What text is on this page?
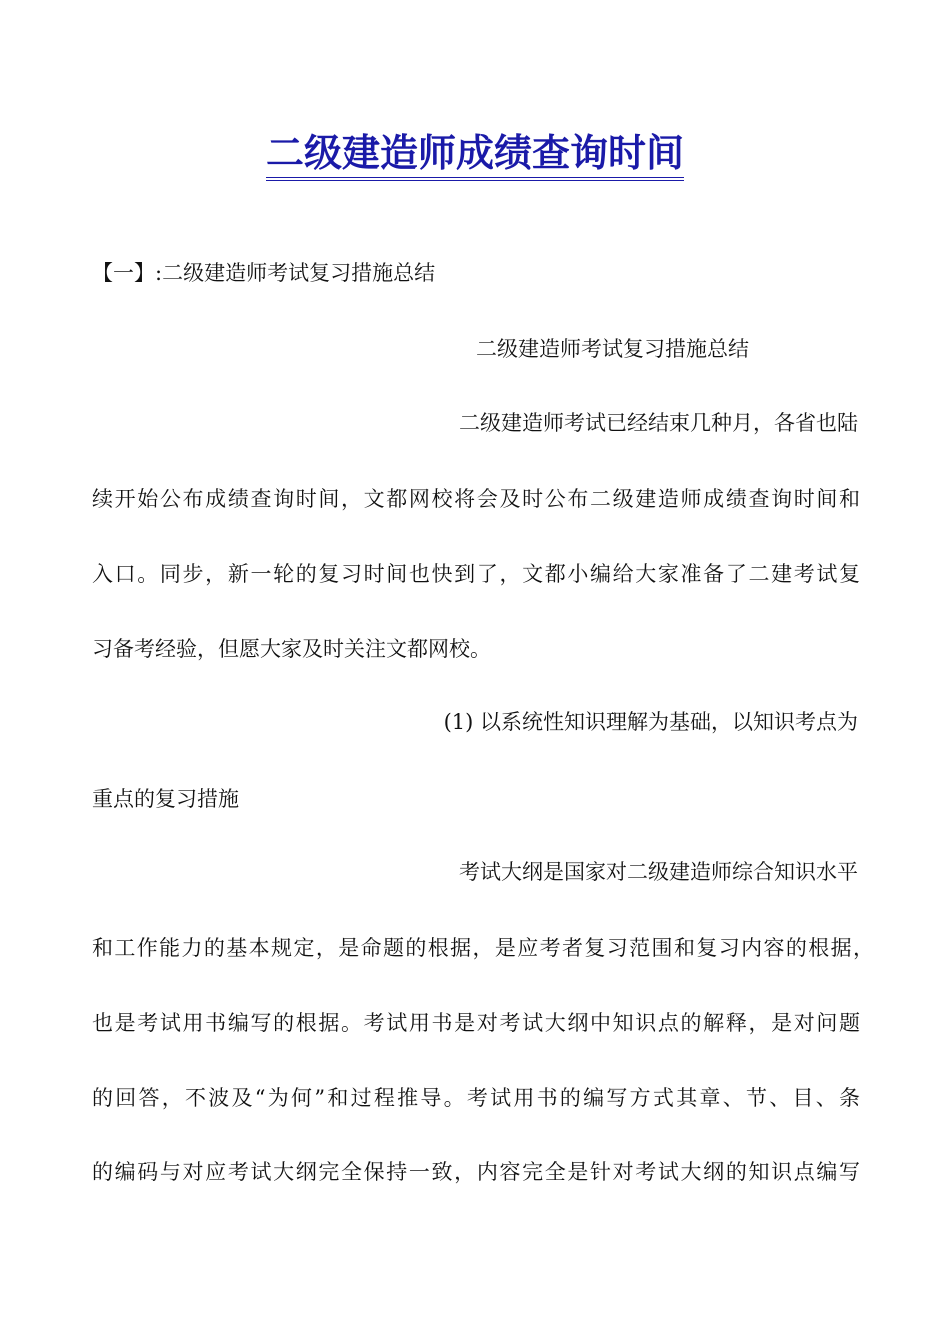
二级建造师成绩查询时间

【一】:二级建造师考试复习措施总结

二级建造师考试复习措施总结

二级建造师考试已经结束几种月，各省也陆

续开始公布成绩查询时间，文都网校将会及时公布二级建造师成绩查询时间和

入口。同步，新一轮的复习时间也快到了，文都小编给大家准备了二建考试复

习备考经验，但愿大家及时关注文都网校。

(1) 以系统性知识理解为基础，以知识考点为

重点的复习措施

考试大纲是国家对二级建造师综合知识水平

和工作能力的基本规定，是命题的根据，是应考者复习范围和复习内容的根据，

也是考试用书编写的根据。考试用书是对考试大纲中知识点的解释，是对问题

的回答，不波及“为何”和过程推导。考试用书的编写方式其章、节、目、条

的编码与对应考试大纲完全保持一致，内容完全是针对考试大纲的知识点编写
